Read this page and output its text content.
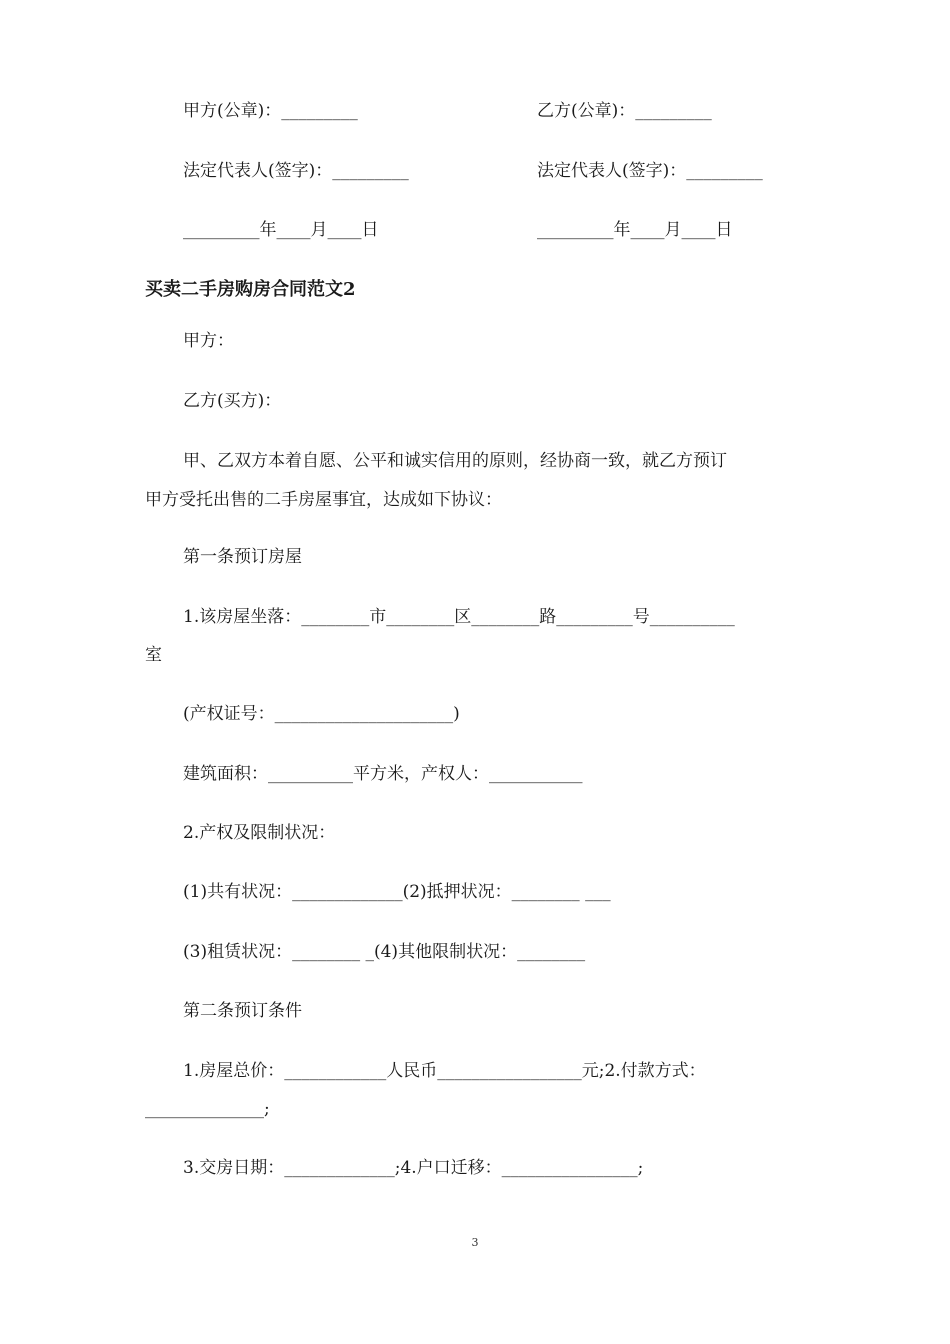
甲方(公章)：_________	乙方(公章)：_________
法定代表人(签字)：_________	法定代表人(签字)：_________
_________年____月____日	_________年____月____日
买卖二手房购房合同范文2
甲方：
乙方(买方)：
甲、乙双方本着自愿、公平和诚实信用的原则，经协商一致，就乙方预订
甲方受托出售的二手房屋事宜，达成如下协议：
第一条预订房屋
1.该房屋坐落：________市________区________路_________号__________
室
(产权证号：_____________________)
建筑面积：__________平方米，产权人：___________
2.产权及限制状况：
(1)共有状况：_____________(2)抵押状况：________ ___
(3)租赁状况：________ _(4)其他限制状况：________
第二条预订条件
1.房屋总价：____________人民币_________________元;2.付款方式：
______________;
3.交房日期：_____________;4.户口迁移：________________;
3
